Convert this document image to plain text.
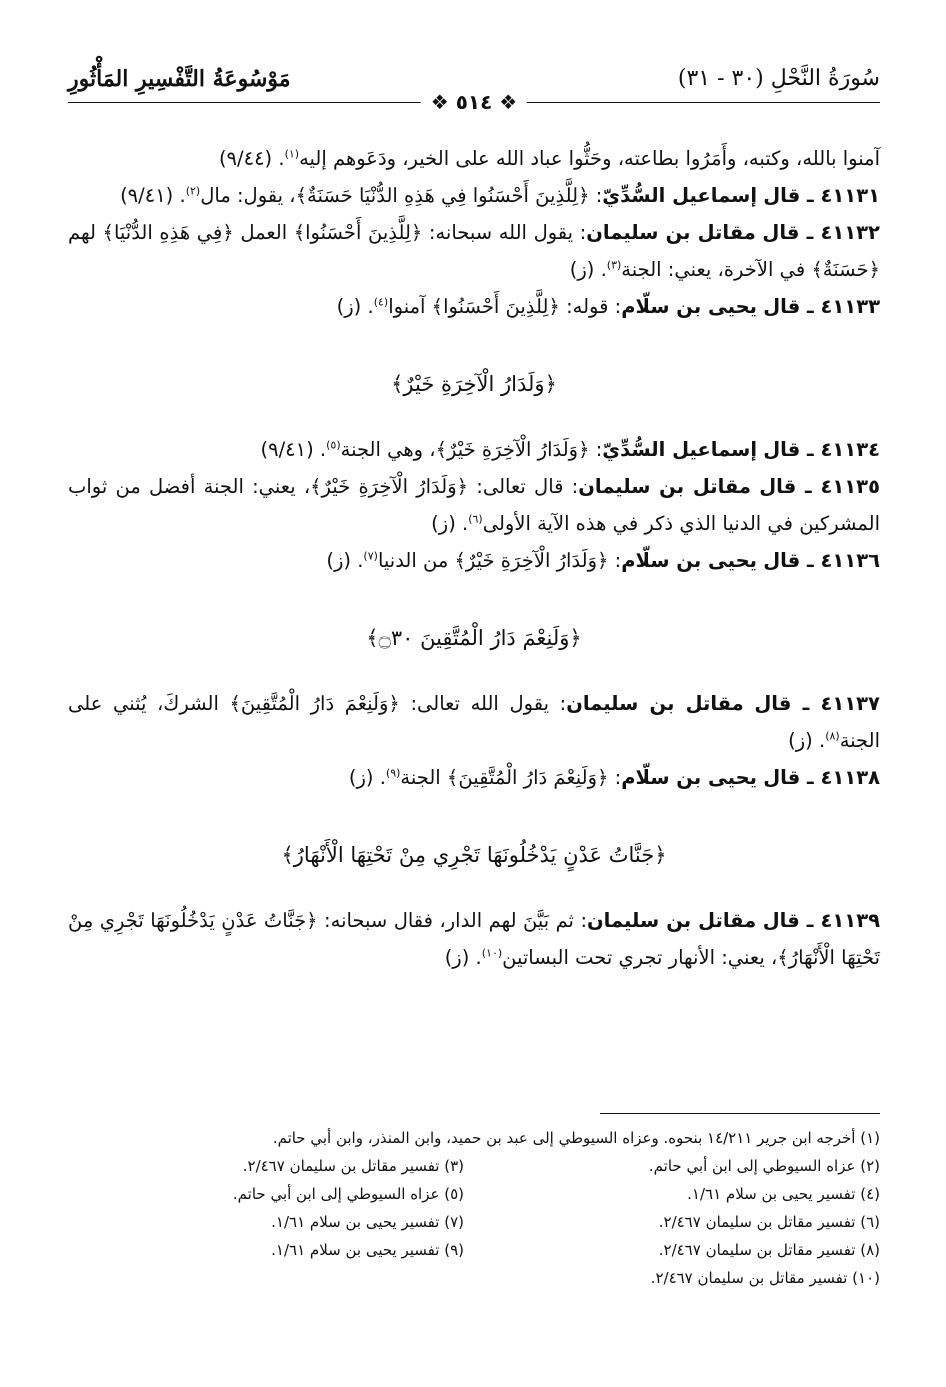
سُورَةُ النَّحْلِ (٣٠ - ٣١)
مَوْسُوعَةُ التَّفْسِيرِ المَأْثُورِ
❖ ٥١٤ ❖

آمنوا بالله، وكتبه، وأَمَرُوا بطاعته، وحَثُّوا عباد الله على الخير، ودَعَوهم إليه$^{(١)}$. (٩/٤٤)

٤١١٣١ ـ قال إسماعيل السُّدِّيّ: ﴿لِلَّذِينَ أَحْسَنُوا فِي هَذِهِ الدُّنْيَا حَسَنَةٌ﴾، يقول: مال$^{(٢)}$. (٩/٤١)

٤١١٣٢ ـ قال مقاتل بن سليمان: يقول الله سبحانه: ﴿لِلَّذِينَ أَحْسَنُوا﴾ العمل ﴿فِي هَذِهِ الدُّنْيَا﴾ لهم ﴿حَسَنَةٌ﴾ في الآخرة، يعني: الجنة$^{(٣)}$. (ز)

٤١١٣٣ ـ قال يحيى بن سلّام: قوله: ﴿لِلَّذِينَ أَحْسَنُوا﴾ آمنوا$^{(٤)}$. (ز)

﴿وَلَدَارُ الْآخِرَةِ خَيْرٌ﴾

٤١١٣٤ ـ قال إسماعيل السُّدِّيّ: ﴿وَلَدَارُ الْآخِرَةِ خَيْرٌ﴾، وهي الجنة$^{(٥)}$. (٩/٤١)

٤١١٣٥ ـ قال مقاتل بن سليمان: قال تعالى: ﴿وَلَدَارُ الْآخِرَةِ خَيْرٌ﴾، يعني: الجنة أفضل من ثواب المشركين في الدنيا الذي ذكر في هذه الآية الأولى$^{(٦)}$. (ز)

٤١١٣٦ ـ قال يحيى بن سلّام: ﴿وَلَدَارُ الْآخِرَةِ خَيْرٌ﴾ من الدنيا$^{(٧)}$. (ز)

﴿وَلَنِعْمَ دَارُ الْمُتَّقِينَ ۝٣٠﴾

٤١١٣٧ ـ قال مقاتل بن سليمان: يقول الله تعالى: ﴿وَلَنِعْمَ دَارُ الْمُتَّقِينَ﴾ الشركَ، يُثني على الجنة$^{(٨)}$. (ز)

٤١١٣٨ ـ قال يحيى بن سلّام: ﴿وَلَنِعْمَ دَارُ الْمُتَّقِينَ﴾ الجنة$^{(٩)}$. (ز)

﴿جَنَّاتُ عَدْنٍ يَدْخُلُونَهَا تَجْرِي مِنْ تَحْتِهَا الْأَنْهَارُ﴾

٤١١٣٩ ـ قال مقاتل بن سليمان: ثم بَيَّنَ لهم الدار، فقال سبحانه: ﴿جَنَّاتُ عَدْنٍ يَدْخُلُونَهَا تَجْرِي مِنْ تَحْتِهَا الْأَنْهَارُ﴾، يعني: الأنهار تجري تحت البساتين$^{(١٠)}$. (ز)

(١) أخرجه ابن جرير ١٤/٢١١ بنحوه. وعزاه السيوطي إلى عبد بن حميد، وابن المنذر، وابن أبي حاتم.
(٢) عزاه السيوطي إلى ابن أبي حاتم.
(٣) تفسير مقاتل بن سليمان ٢/٤٦٧.
(٤) تفسير يحيى بن سلام ١/٦١.
(٥) عزاه السيوطي إلى ابن أبي حاتم.
(٦) تفسير مقاتل بن سليمان ٢/٤٦٧.
(٧) تفسير يحيى بن سلام ١/٦١.
(٨) تفسير مقاتل بن سليمان ٢/٤٦٧.
(٩) تفسير يحيى بن سلام ١/٦١.
(١٠) تفسير مقاتل بن سليمان ٢/٤٦٧.
